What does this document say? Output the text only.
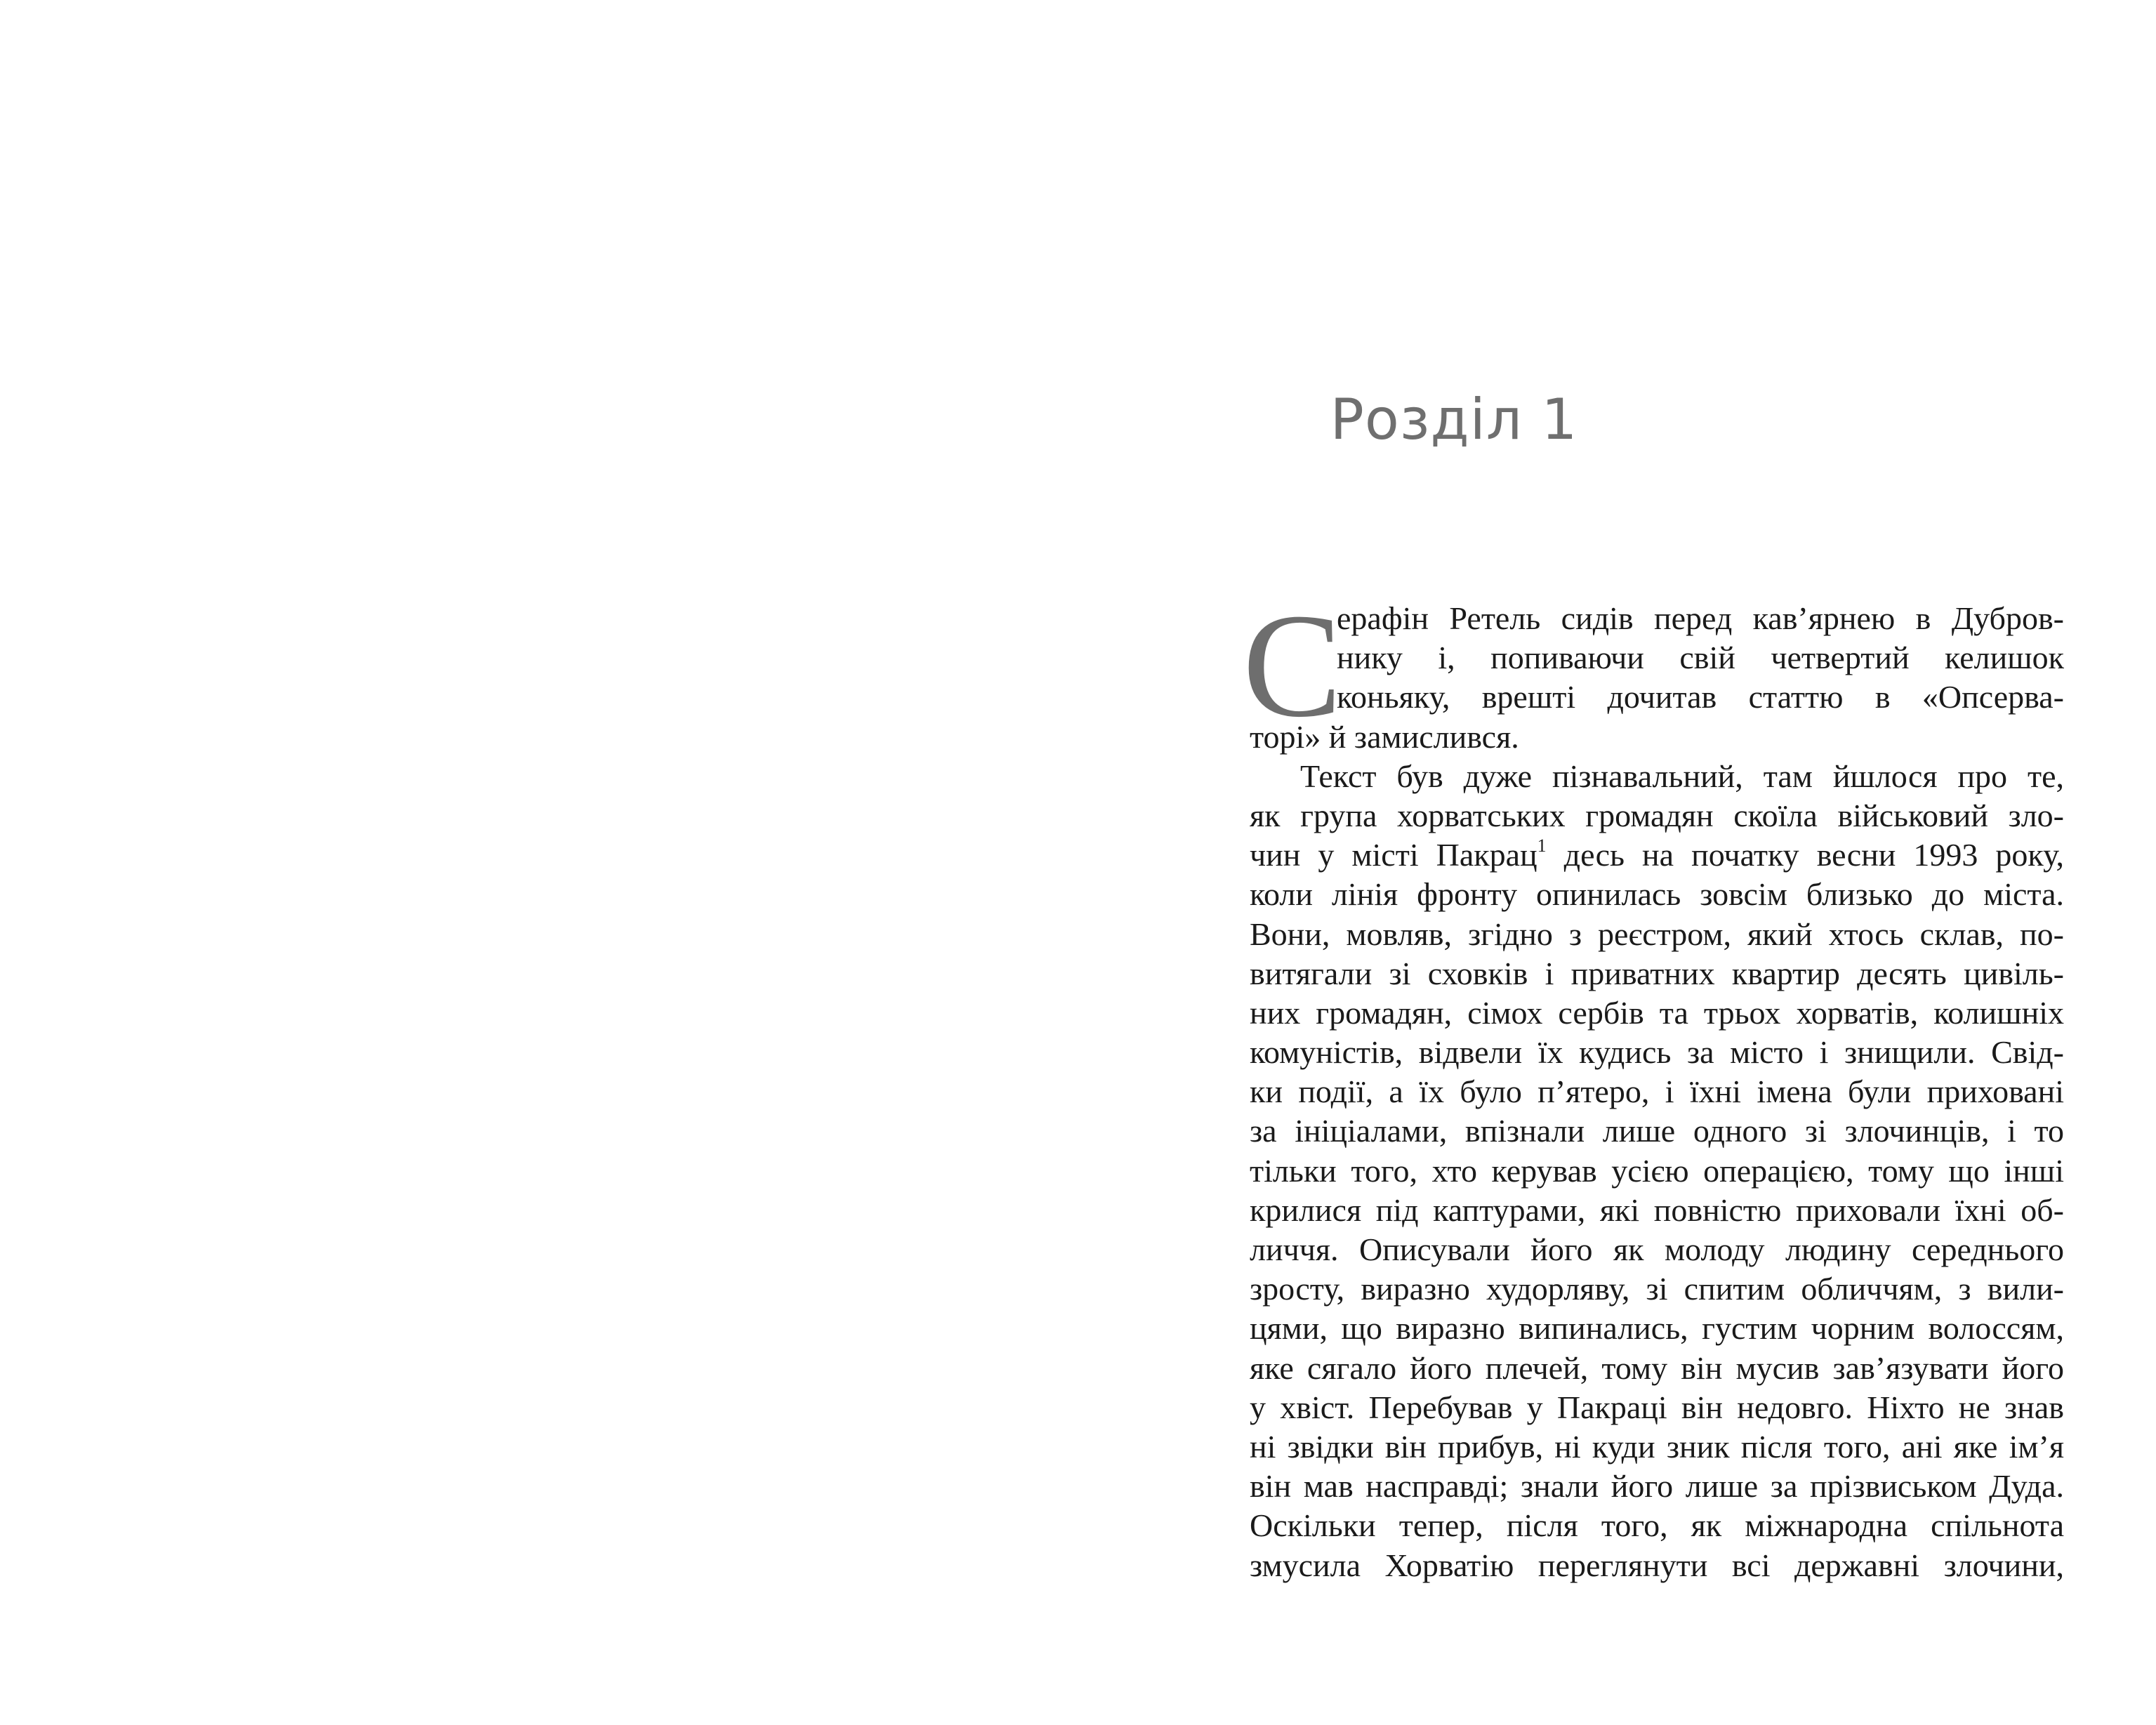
Розділ 1
С
ерафін Ретель сидів перед кав’ярнею в Дубров-
нику і, попиваючи свій четвертий келишок
коньяку, врешті дочитав статтю в «Опсерва-
торі» й замислився.
Текст був дуже пізнавальний, там йшлося про те,
як група хорватських громадян скоїла військовий зло-
чин у місті Пакрац$^1$ десь на початку весни 1993 року,
коли лінія фронту опинилась зовсім близько до міста.
Вони, мовляв, згідно з реєстром, який хтось склав, по-
витягали зі сховків і приватних квартир десять цивіль-
них громадян, сімох сербів та трьох хорватів, колишніх
комуністів, відвели їх кудись за місто і знищили. Свід-
ки події, а їх було п’ятеро, і їхні імена були приховані
за ініціалами, впізнали лише одного зі злочинців, і то
тільки того, хто керував усією операцією, тому що інші
крилися під каптурами, які повністю приховали їхні об-
личчя. Описували його як молоду людину середнього
зросту, виразно худорляву, зі спитим обличчям, з вили-
цями, що виразно випинались, густим чорним волоссям,
яке сягало його плечей, тому він мусив зав’язувати його
у хвіст. Перебував у Пакраці він недовго. Ніхто не знав
ні звідки він прибув, ні куди зник після того, ані яке ім’я
він мав насправді; знали його лише за прізвиськом Дуда.
Оскільки тепер, після того, як міжнародна спільнота
змусила Хорватію переглянути всі державні злочини,
